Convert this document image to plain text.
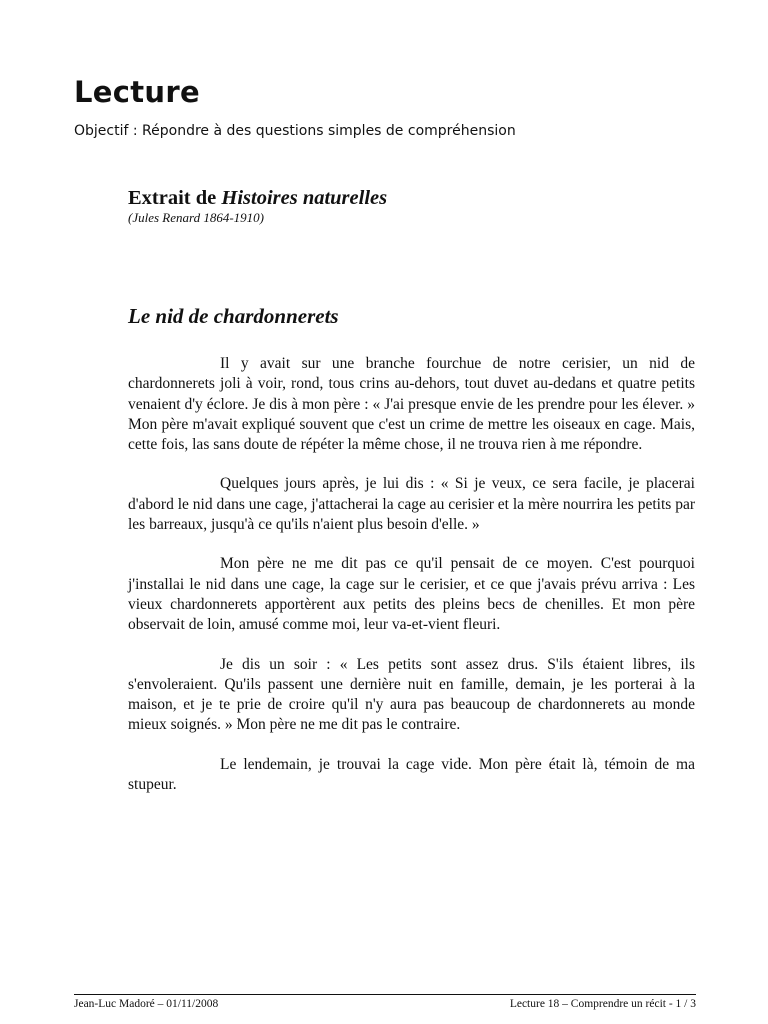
Lecture

Objectif : Répondre à des questions simples de compréhension

Extrait de Histoires naturelles

(Jules Renard 1864-1910)

Le nid de chardonnerets

Il y avait sur une branche fourchue de notre cerisier, un nid de chardonnerets joli à voir, rond, tous crins au-dehors, tout duvet au-dedans et quatre petits venaient d'y éclore. Je dis à mon père : « J'ai presque envie de les prendre pour les élever. » Mon père m'avait expliqué souvent que c'est un crime de mettre les oiseaux en cage. Mais, cette fois, las sans doute de répéter la même chose, il ne trouva rien à me répondre.

Quelques jours après, je lui dis : « Si je veux, ce sera facile, je placerai d'abord le nid dans une cage, j'attacherai la cage au cerisier et la mère nourrira les petits par les barreaux, jusqu'à ce qu'ils n'aient plus besoin d'elle. »

Mon père ne me dit pas ce qu'il pensait de ce moyen. C'est pourquoi j'installai le nid dans une cage, la cage sur le cerisier, et ce que j'avais prévu arriva : Les vieux chardonnerets apportèrent aux petits des pleins becs de chenilles. Et mon père observait de loin, amusé comme moi, leur va-et-vient fleuri.

Je dis un soir : « Les petits sont assez drus. S'ils étaient libres, ils s'envoleraient. Qu'ils passent une dernière nuit en famille, demain, je les porterai à la maison, et je te prie de croire qu'il n'y aura pas beaucoup de chardonnerets au monde mieux soignés. » Mon père ne me dit pas le contraire.

Le lendemain, je trouvai la cage vide. Mon père était là, témoin de ma stupeur.

Jean-Luc Madoré – 01/11/2008	Lecture 18 – Comprendre un récit - 1 / 3
